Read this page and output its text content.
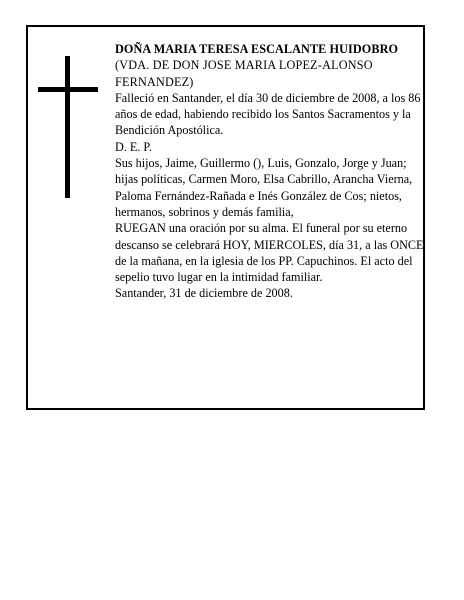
DOÑA MARIA TERESA ESCALANTE HUIDOBRO

(VDA. DE DON JOSE MARIA LOPEZ-ALONSO FERNANDEZ)

Falleció en Santander, el día 30 de diciembre de 2008, a los 86 años de edad, habiendo recibido los Santos Sacramentos y la Bendición Apostólica.

D. E. P.

Sus hijos, Jaime, Guillermo (), Luis, Gonzalo, Jorge y Juan; hijas políticas, Carmen Moro, Elsa Cabrillo, Arancha Vierna, Paloma Fernández-Rañada e Inés González de Cos; nietos, hermanos, sobrinos y demás familia,

RUEGAN una oración por su alma. El funeral por su eterno descanso se celebrará HOY, MIERCOLES, día 31, a las ONCE de la mañana, en la iglesia de los PP. Capuchinos. El acto del sepelio tuvo lugar en la intimidad familiar.

Santander, 31 de diciembre de 2008.
